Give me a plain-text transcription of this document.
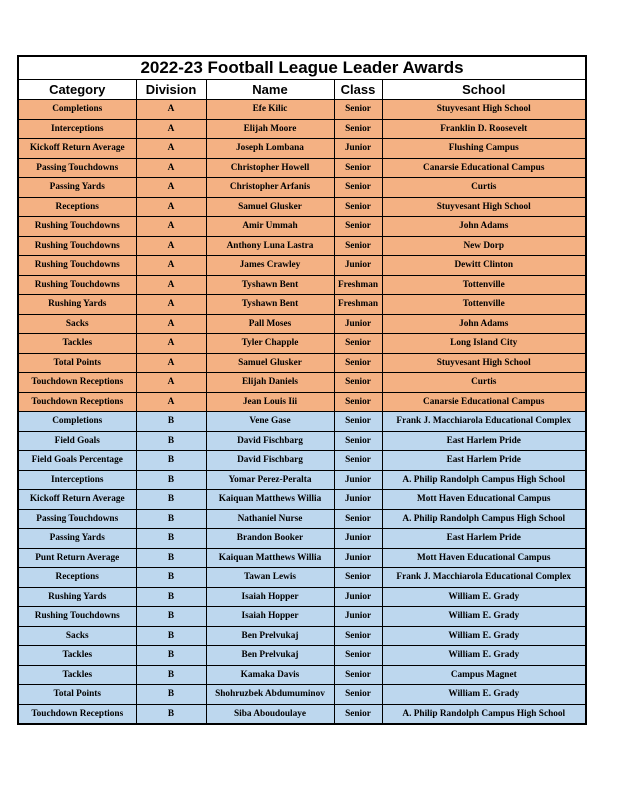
2022-23 Football League Leader Awards
Category	Division	Name	Class	School
Completions	A	Efe Kilic	Senior	Stuyvesant High School
Interceptions	A	Elijah Moore	Senior	Franklin D. Roosevelt
Kickoff Return Average	A	Joseph Lombana	Junior	Flushing Campus
Passing Touchdowns	A	Christopher Howell	Senior	Canarsie Educational Campus
Passing Yards	A	Christopher Arfanis	Senior	Curtis
Receptions	A	Samuel Glusker	Senior	Stuyvesant High School
Rushing Touchdowns	A	Amir Ummah	Senior	John Adams
Rushing Touchdowns	A	Anthony Luna Lastra	Senior	New Dorp
Rushing Touchdowns	A	James Crawley	Junior	Dewitt Clinton
Rushing Touchdowns	A	Tyshawn Bent	Freshman	Tottenville
Rushing Yards	A	Tyshawn Bent	Freshman	Tottenville
Sacks	A	Pall Moses	Junior	John Adams
Tackles	A	Tyler Chapple	Senior	Long Island City
Total Points	A	Samuel Glusker	Senior	Stuyvesant High School
Touchdown Receptions	A	Elijah Daniels	Senior	Curtis
Touchdown Receptions	A	Jean Louis Iii	Senior	Canarsie Educational Campus
Completions	B	Vene Gase	Senior	Frank J. Macchiarola Educational Complex
Field Goals	B	David Fischbarg	Senior	East Harlem Pride
Field Goals Percentage	B	David Fischbarg	Senior	East Harlem Pride
Interceptions	B	Yomar Perez-Peralta	Junior	A. Philip Randolph Campus High School
Kickoff Return Average	B	Kaiquan Matthews Willia	Junior	Mott Haven Educational Campus
Passing Touchdowns	B	Nathaniel Nurse	Senior	A. Philip Randolph Campus High School
Passing Yards	B	Brandon Booker	Junior	East Harlem Pride
Punt Return Average	B	Kaiquan Matthews Willia	Junior	Mott Haven Educational Campus
Receptions	B	Tawan Lewis	Senior	Frank J. Macchiarola Educational Complex
Rushing Yards	B	Isaiah Hopper	Junior	William E. Grady
Rushing Touchdowns	B	Isaiah Hopper	Junior	William E. Grady
Sacks	B	Ben Prelvukaj	Senior	William E. Grady
Tackles	B	Ben Prelvukaj	Senior	William E. Grady
Tackles	B	Kamaka Davis	Senior	Campus Magnet
Total Points	B	Shohruzbek Abdumuminov	Senior	William E. Grady
Touchdown Receptions	B	Siba Aboudoulaye	Senior	A. Philip Randolph Campus High School
